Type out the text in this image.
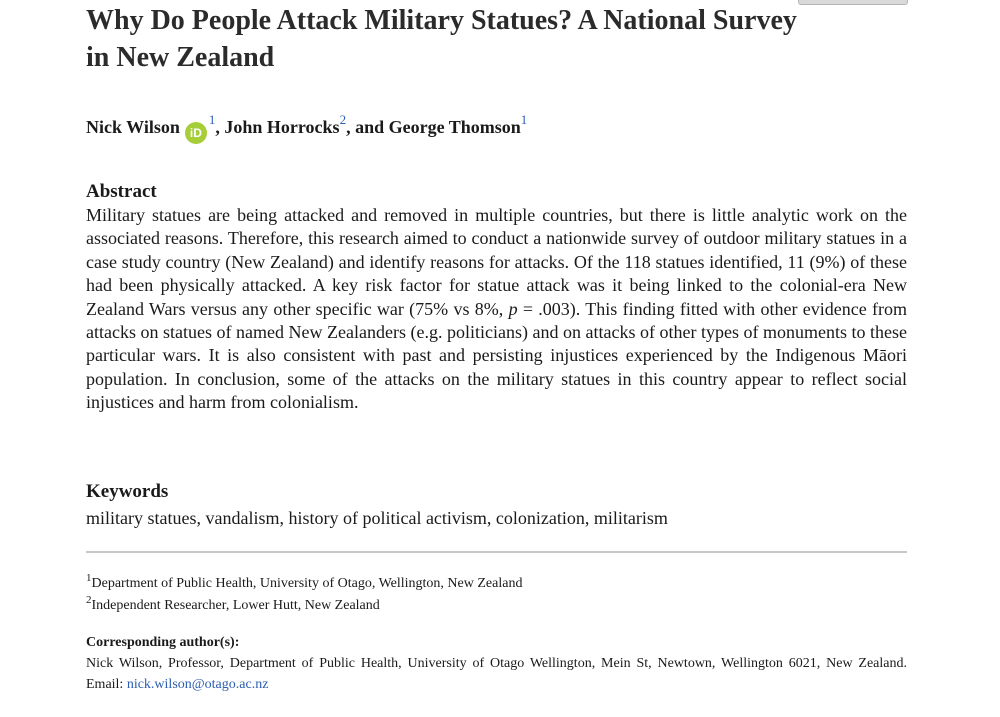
Why Do People Attack Military Statues? A National Survey in New Zealand

Nick Wilson $iD^1$, John Horrocks$^2$, and George Thomson$^1$

Abstract

Military statues are being attacked and removed in multiple countries, but there is little analytic work on the associated reasons. Therefore, this research aimed to conduct a nationwide survey of outdoor military statues in a case study country (New Zealand) and identify reasons for attacks. Of the 118 statues identified, 11 (9%) of these had been physically attacked. A key risk factor for statue attack was it being linked to the colonial-era New Zealand Wars versus any other specific war (75% vs 8%, p = .003). This finding fitted with other evidence from attacks on statues of named New Zealanders (e.g. politicians) and on attacks of other types of monuments to these particular wars. It is also consistent with past and persisting injustices experienced by the Indigenous Māori population. In conclusion, some of the attacks on the military statues in this country appear to reflect social injustices and harm from colonialism.

Keywords

military statues, vandalism, history of political activism, colonization, militarism

$^1$Department of Public Health, University of Otago, Wellington, New Zealand

$^2$Independent Researcher, Lower Hutt, New Zealand

Corresponding author(s):

Nick Wilson, Professor, Department of Public Health, University of Otago Wellington, Mein St, Newtown, Wellington 6021, New Zealand. Email: nick.wilson@otago.ac.nz
